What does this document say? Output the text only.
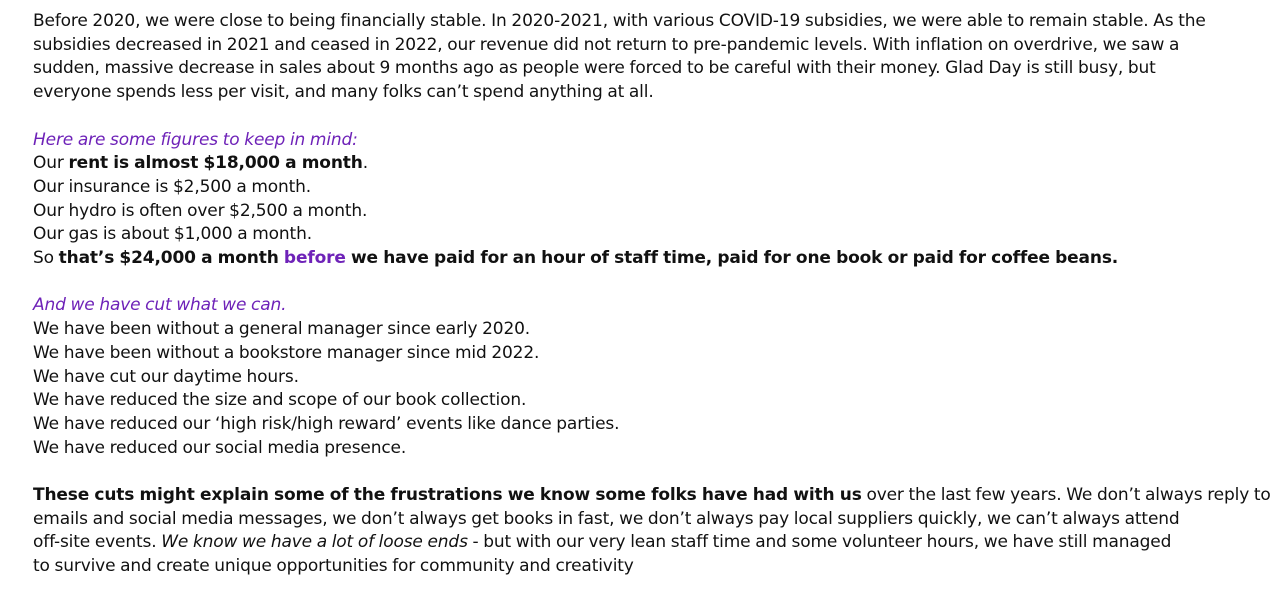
Before 2020, we were close to being financially stable. In 2020-2021, with various COVID-19 subsidies, we were able to remain stable. As the
subsidies decreased in 2021 and ceased in 2022, our revenue did not return to pre-pandemic levels. With inflation on overdrive, we saw a
sudden, massive decrease in sales about 9 months ago as people were forced to be careful with their money. Glad Day is still busy, but
everyone spends less per visit, and many folks can’t spend anything at all.

Here are some figures to keep in mind:
Our rent is almost $18,000 a month.
Our insurance is $2,500 a month.
Our hydro is often over $2,500 a month.
Our gas is about $1,000 a month.
So that’s $24,000 a month before we have paid for an hour of staff time, paid for one book or paid for coffee beans.

And we have cut what we can.
We have been without a general manager since early 2020.
We have been without a bookstore manager since mid 2022.
We have cut our daytime hours.
We have reduced the size and scope of our book collection.
We have reduced our ‘high risk/high reward’ events like dance parties.
We have reduced our social media presence.

These cuts might explain some of the frustrations we know some folks have had with us over the last few years. We don’t always reply to
emails and social media messages, we don’t always get books in fast, we don’t always pay local suppliers quickly, we can’t always attend
off-site events. We know we have a lot of loose ends - but with our very lean staff time and some volunteer hours, we have still managed
to survive and create unique opportunities for community and creativity
